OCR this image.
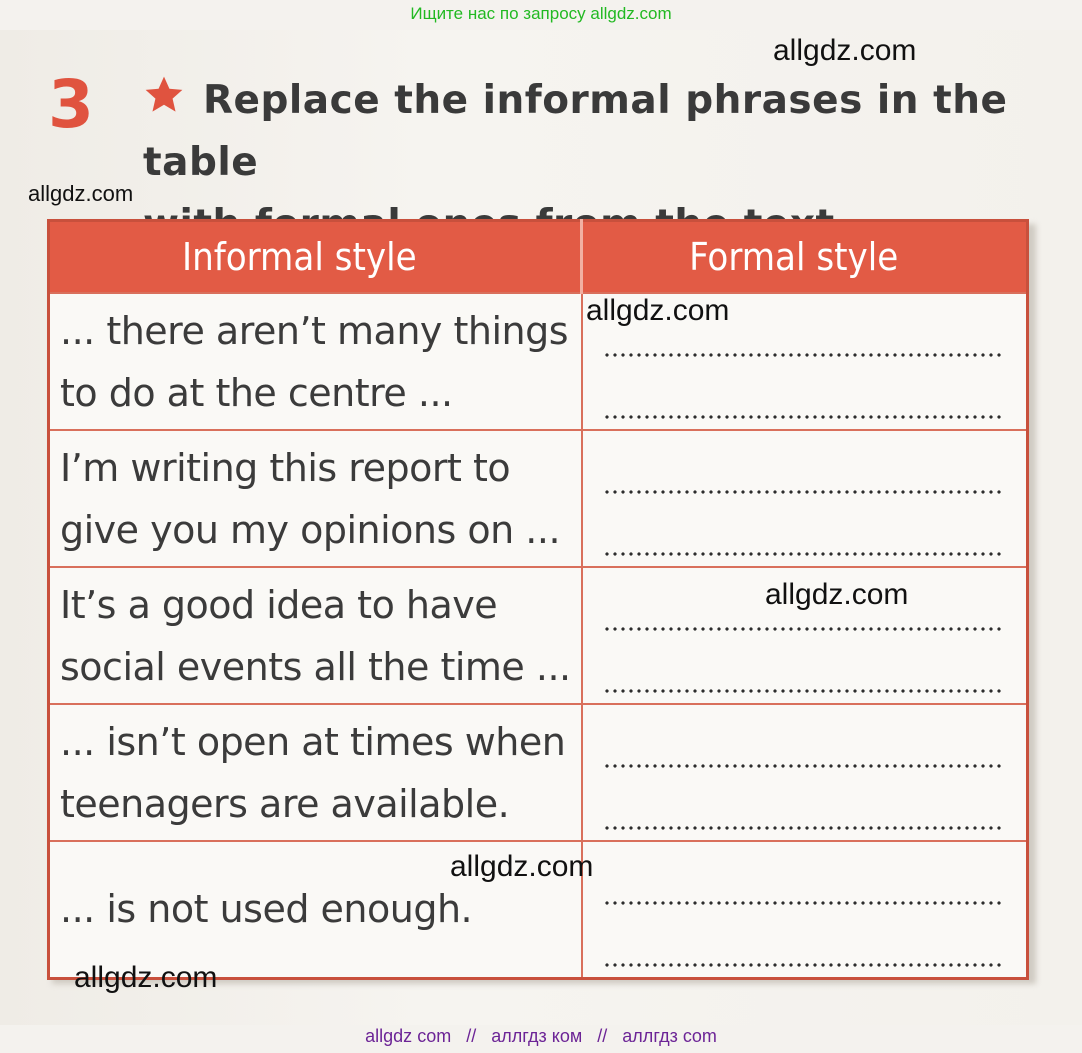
Ищите нас по запросу allgdz.com
3	Replace the informal phrases in the table
Informal style	Formal style

... there aren’t many things
to do at the centre ...	

I’m writing this report to
give you my opinions on ...	

It’s a good idea to have
social events all the time ...	

... isn’t open at times when
teenagers are available.	

... is not used enough.	

allgdz.com
allgdz.com
allgdz.com
allgdz.com
allgdz.com
allgdz.com
allgdz com // аллгдз ком // аллгдз com
